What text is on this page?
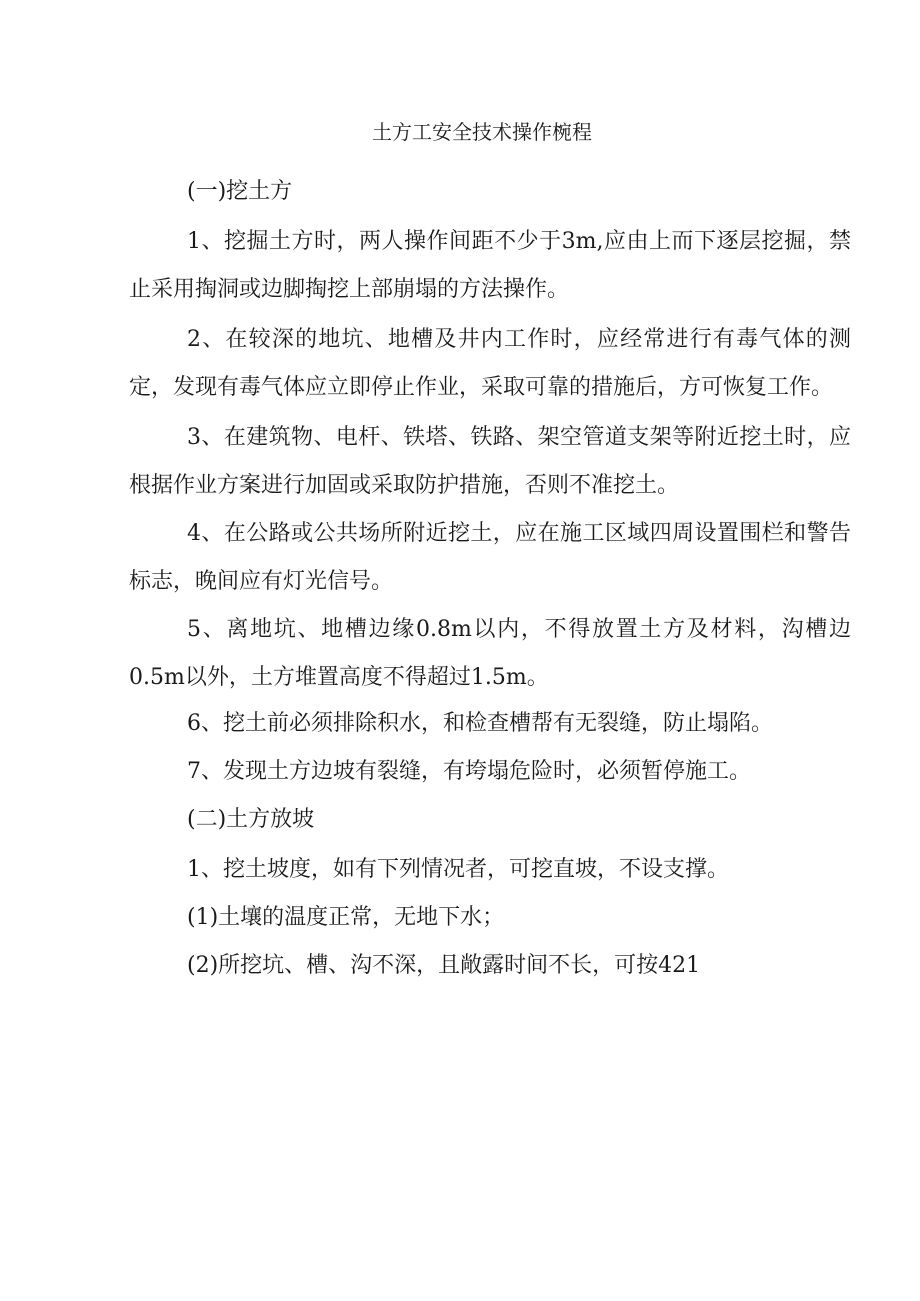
土方工安全技术操作椀程

(一)挖土方

1、挖掘土方时，两人操作间距不少于3m,应由上而下逐层挖掘，禁止采用掏洞或边脚掏挖上部崩塌的方法操作。

2、在较深的地坑、地槽及井内工作时，应经常进行有毒气体的测定，发现有毒气体应立即停止作业，采取可靠的措施后，方可恢复工作。

3、在建筑物、电杆、铁塔、铁路、架空管道支架等附近挖土时，应根据作业方案进行加固或采取防护措施，否则不准挖土。

4、在公路或公共场所附近挖土，应在施工区域四周设置围栏和警告标志，晚间应有灯光信号。

5、离地坑、地槽边缘0.8m以内，不得放置土方及材料，沟槽边0.5m以外，土方堆置高度不得超过1.5m。

6、挖土前必须排除积水，和检查槽帮有无裂缝，防止塌陷。

7、发现土方边坡有裂缝，有垮塌危险时，必须暂停施工。

(二)土方放坡

1、挖土坡度，如有下列情况者，可挖直坡，不设支撑。

(1)土壤的温度正常，无地下水；

(2)所挖坑、槽、沟不深，且敞露时间不长，可按421
